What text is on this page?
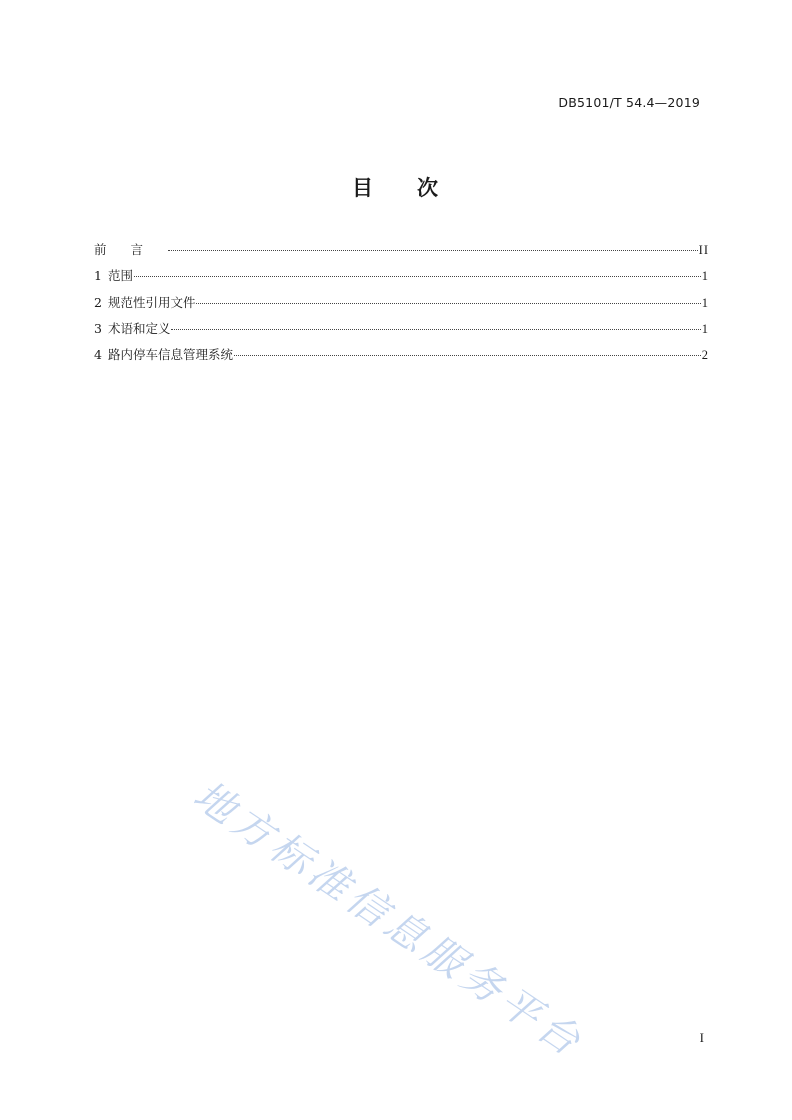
DB5101/T 54.4—2019
目 次
前言	II
1 范围	1
2 规范性引用文件	1
3 术语和定义	1
4 路内停车信息管理系统	2
地方标准信息服务平台	I
